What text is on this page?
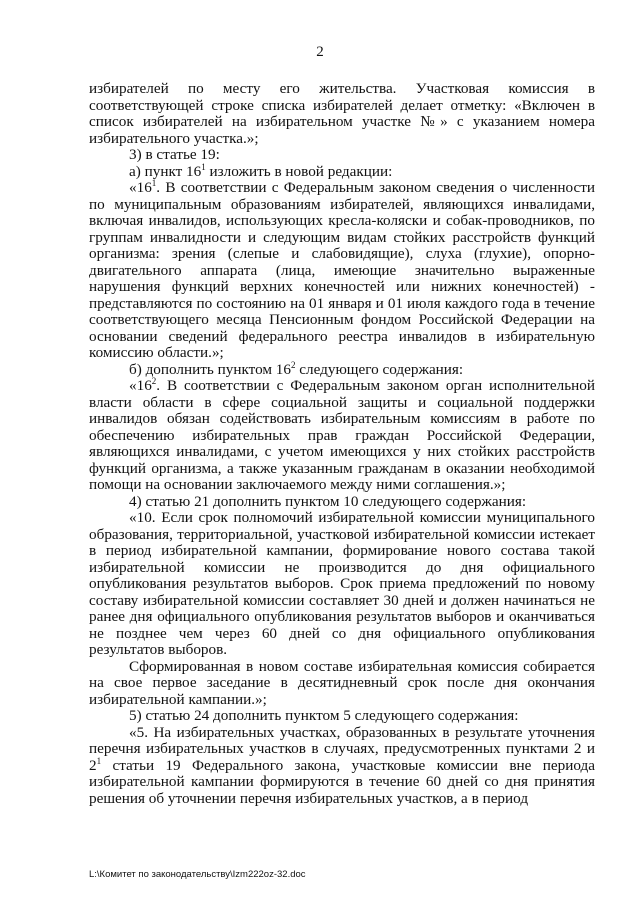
2

избирателей по месту его жительства. Участковая комиссия в соответствующей строке списка избирателей делает отметку: «Включен в список избирателей на избирательном участке №» с указанием номера избирательного участка.»;

3) в статье 19:

а) пункт $16^1$ изложить в новой редакции:

«$16^1$. В соответствии с Федеральным законом сведения о численности по муниципальным образованиям избирателей, являющихся инвалидами, включая инвалидов, использующих кресла-коляски и собак-проводников, по группам инвалидности и следующим видам стойких расстройств функций организма: зрения (слепые и слабовидящие), слуха (глухие), опорно-двигательного аппарата (лица, имеющие значительно выраженные нарушения функций верхних конечностей или нижних конечностей) - представляются по состоянию на 01 января и 01 июля каждого года в течение соответствующего месяца Пенсионным фондом Российской Федерации на основании сведений федерального реестра инвалидов в избирательную комиссию области.»;

б) дополнить пунктом $16^2$ следующего содержания:

«$16^2$. В соответствии с Федеральным законом орган исполнительной власти области в сфере социальной защиты и социальной поддержки инвалидов обязан содействовать избирательным комиссиям в работе по обеспечению избирательных прав граждан Российской Федерации, являющихся инвалидами, с учетом имеющихся у них стойких расстройств функций организма, а также указанным гражданам в оказании необходимой помощи на основании заключаемого между ними соглашения.»;

4) статью 21 дополнить пунктом 10 следующего содержания:

«10. Если срок полномочий избирательной комиссии муниципального образования, территориальной, участковой избирательной комиссии истекает в период избирательной кампании, формирование нового состава такой избирательной комиссии не производится до дня официального опубликования результатов выборов. Срок приема предложений по новому составу избирательной комиссии составляет 30 дней и должен начинаться не ранее дня официального опубликования результатов выборов и оканчиваться не позднее чем через 60 дней со дня официального опубликования результатов выборов.

Сформированная в новом составе избирательная комиссия собирается на свое первое заседание в десятидневный срок после дня окончания избирательной кампании.»;

5) статью 24 дополнить пунктом 5 следующего содержания:

«5. На избирательных участках, образованных в результате уточнения перечня избирательных участков в случаях, предусмотренных пунктами 2 и $2^1$ статьи 19 Федерального закона, участковые комиссии вне периода избирательной кампании формируются в течение 60 дней со дня принятия решения об уточнении перечня избирательных участков, а в период

L:\Комитет по законодательству\Izm222oz-32.doc
